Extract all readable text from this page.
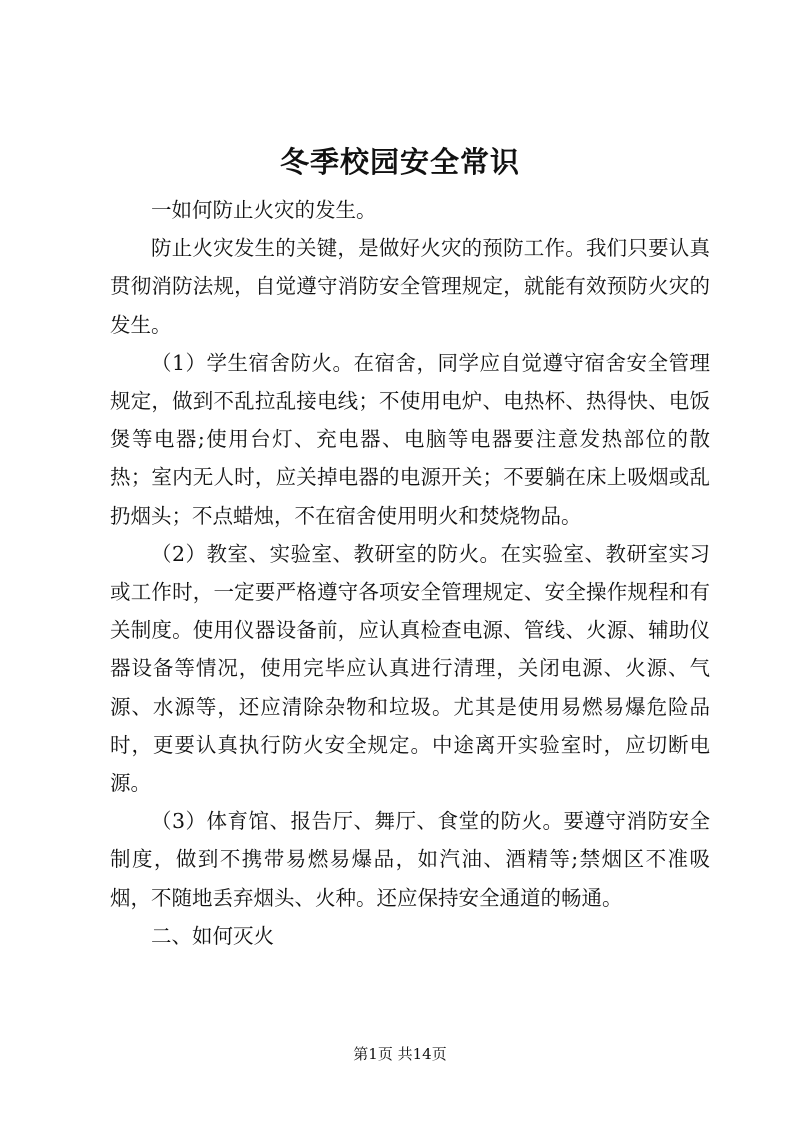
冬季校园安全常识

一如何防止火灾的发生。

防止火灾发生的关键，是做好火灾的预防工作。我们只要认真贯彻消防法规，自觉遵守消防安全管理规定，就能有效预防火灾的发生。

（1）学生宿舍防火。在宿舍，同学应自觉遵守宿舍安全管理规定，做到不乱拉乱接电线；不使用电炉、电热杯、热得快、电饭煲等电器;使用台灯、充电器、电脑等电器要注意发热部位的散热；室内无人时，应关掉电器的电源开关；不要躺在床上吸烟或乱扔烟头；不点蜡烛，不在宿舍使用明火和焚烧物品。

（2）教室、实验室、教研室的防火。在实验室、教研室实习或工作时，一定要严格遵守各项安全管理规定、安全操作规程和有关制度。使用仪器设备前，应认真检查电源、管线、火源、辅助仪器设备等情况，使用完毕应认真进行清理，关闭电源、火源、气源、水源等，还应清除杂物和垃圾。尤其是使用易燃易爆危险品时，更要认真执行防火安全规定。中途离开实验室时，应切断电源。

（3）体育馆、报告厅、舞厅、食堂的防火。要遵守消防安全制度，做到不携带易燃易爆品，如汽油、酒精等;禁烟区不准吸烟，不随地丢弃烟头、火种。还应保持安全通道的畅通。

二、如何灭火

第1页 共14页
